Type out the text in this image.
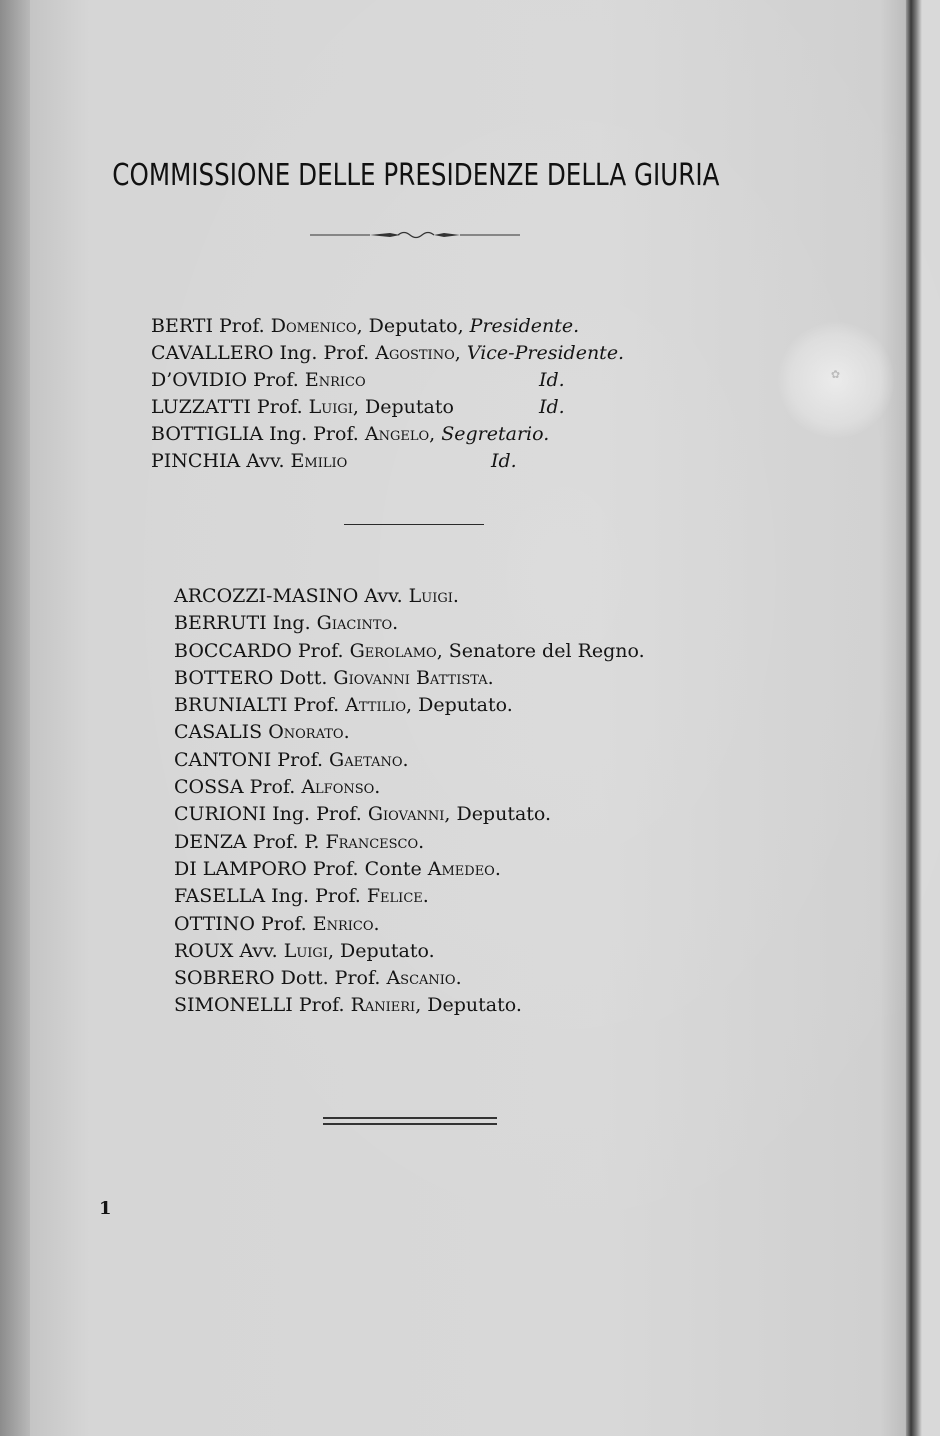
✿
COMMISSIONE DELLE PRESIDENZE DELLA GIURIA
BERTI Prof. Domenico, Deputato, Presidente.
CAVALLERO Ing. Prof. Agostino, Vice-Presidente.
D’OVIDIO Prof. Enrico	Id.
LUZZATTI Prof. Luigi, Deputato	Id.
BOTTIGLIA Ing. Prof. Angelo, Segretario.
PINCHIA Avv. Emilio	Id.
ARCOZZI-MASINO Avv. Luigi.
BERRUTI Ing. Giacinto.
BOCCARDO Prof. Gerolamo, Senatore del Regno.
BOTTERO Dott. Giovanni Battista.
BRUNIALTI Prof. Attilio, Deputato.
CASALIS Onorato.
CANTONI Prof. Gaetano.
COSSA Prof. Alfonso.
CURIONI Ing. Prof. Giovanni, Deputato.
DENZA Prof. P. Francesco.
DI LAMPORO Prof. Conte Amedeo.
FASELLA Ing. Prof. Felice.
OTTINO Prof. Enrico.
ROUX Avv. Luigi, Deputato.
SOBRERO Dott. Prof. Ascanio.
SIMONELLI Prof. Ranieri, Deputato.
1
